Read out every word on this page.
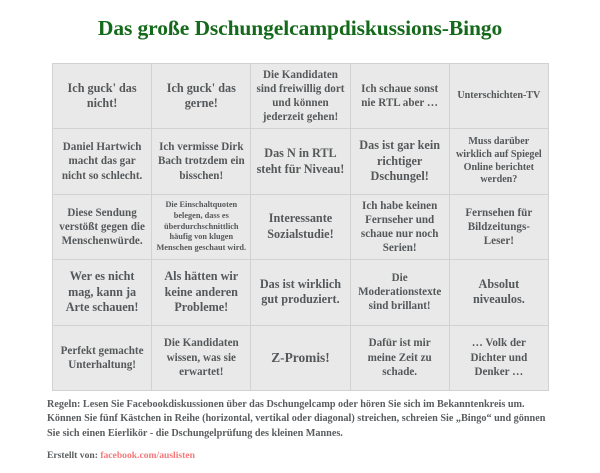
Das große Dschungelcampdiskussions-Bingo
Ich guck' das nicht!	Ich guck' das gerne!	Die Kandidaten sind freiwillig dort und können jederzeit gehen!	Ich schaue sonst nie RTL aber …	Unterschichten-TV
Daniel Hartwich macht das gar nicht so schlecht.	Ich vermisse Dirk Bach trotzdem ein bisschen!	Das N in RTL steht für Niveau!	Das ist gar kein richtiger Dschungel!	Muss darüber wirklich auf Spiegel Online berichtet werden?
Diese Sendung verstößt gegen die Menschenwürde.	Die Einschaltquoten belegen, dass es überdurchschnittlich häufig von klugen Menschen geschaut wird.	Interessante Sozialstudie!	Ich habe keinen Fernseher und schaue nur noch Serien!	Fernsehen für Bildzeitungs-Leser!
Wer es nicht mag, kann ja Arte schauen!	Als hätten wir keine anderen Probleme!	Das ist wirklich gut produziert.	Die Moderationstexte sind brillant!	Absolut niveaulos.
Perfekt gemachte Unterhaltung!	Die Kandidaten wissen, was sie erwartet!	Z-Promis!	Dafür ist mir meine Zeit zu schade.	… Volk der Dichter und Denker …
Regeln: Lesen Sie Facebookdiskussionen über das Dschungelcamp oder hören Sie sich im Bekanntenkreis um. Können Sie fünf Kästchen in Reihe (horizontal, vertikal oder diagonal) streichen, schreien Sie „Bingo“ und gönnen Sie sich einen Eierlikör - die Dschungelprüfung des kleinen Mannes.
Erstellt von: facebook.com/auslisten
